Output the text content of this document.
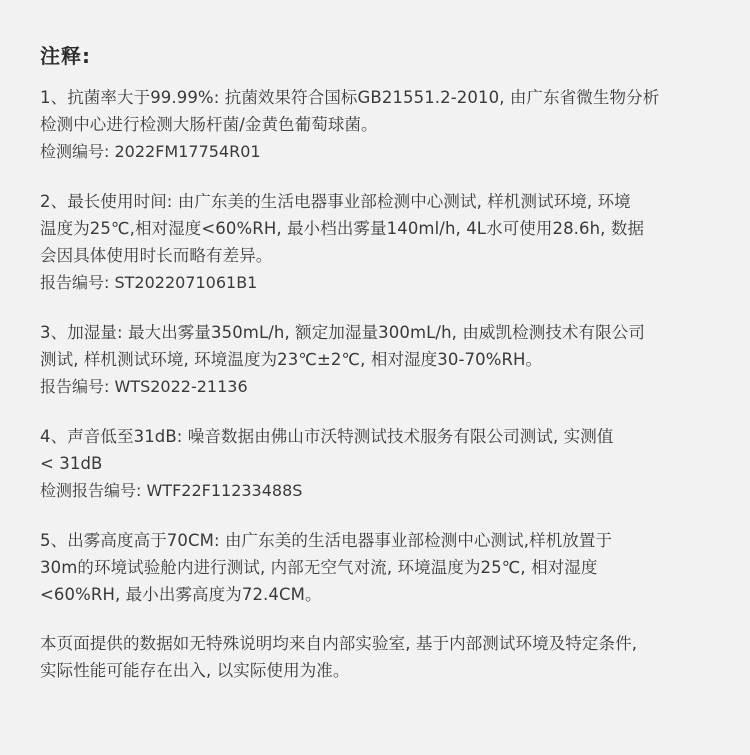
注释:
1、抗菌率大于99.99%: 抗菌效果符合国标GB21551.2-2010, 由广东省微生物分析
检测中心进行检测大肠杆菌/金黄色葡萄球菌。
检测编号: 2022FM17754R01
2、最长使用时间: 由广东美的生活电器事业部检测中心测试, 样机测试环境, 环境
温度为25℃,相对湿度<60%RH, 最小档出雾量140ml/h, 4L水可使用28.6h, 数据
会因具体使用时长而略有差异。
报告编号: ST2022071061B1
3、加湿量: 最大出雾量350mL/h, 额定加湿量300mL/h, 由威凯检测技术有限公司
测试, 样机测试环境, 环境温度为23℃±2℃, 相对湿度30-70%RH。
报告编号: WTS2022-21136
4、声音低至31dB: 噪音数据由佛山市沃特测试技术服务有限公司测试, 实测值
< 31dB
检测报告编号: WTF22F11233488S
5、出雾高度高于70CM: 由广东美的生活电器事业部检测中心测试,样机放置于
30m的环境试验舱内进行测试, 内部无空气对流, 环境温度为25℃, 相对湿度
<60%RH, 最小出雾高度为72.4CM。
本页面提供的数据如无特殊说明均来自内部实验室, 基于内部测试环境及特定条件,
实际性能可能存在出入, 以实际使用为准。
